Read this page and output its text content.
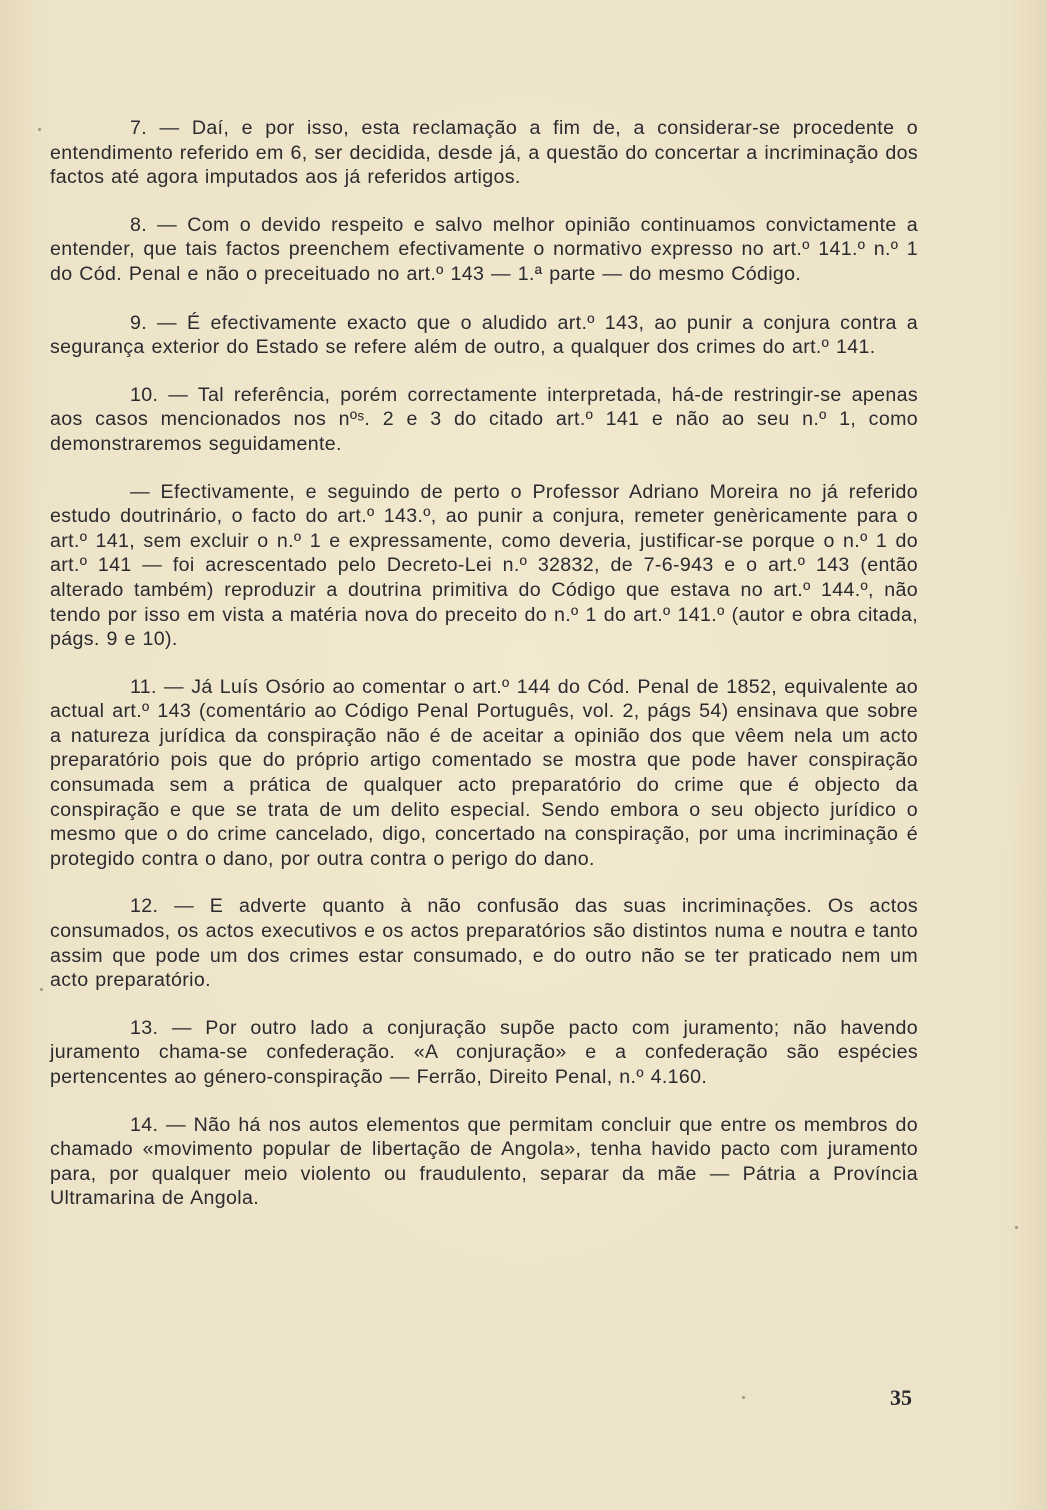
7. — Daí, e por isso, esta reclamação a fim de, a considerar-se procedente o entendimento referido em 6, ser decidida, desde já, a questão do concertar a incriminação dos factos até agora imputados aos já referidos artigos.

8. — Com o devido respeito e salvo melhor opinião continuamos convictamente a entender, que tais factos preenchem efectivamente o normativo expresso no art.º 141.º n.º 1 do Cód. Penal e não o preceituado no art.º 143 — 1.ª parte — do mesmo Código.

9. — É efectivamente exacto que o aludido art.º 143, ao punir a conjura contra a segurança exterior do Estado se refere além de outro, a qualquer dos crimes do art.º 141.

10. — Tal referência, porém correctamente interpretada, há-de restringir-se apenas aos casos mencionados nos nºˢ. 2 e 3 do citado art.º 141 e não ao seu n.º 1, como demonstraremos seguidamente.

— Efectivamente, e seguindo de perto o Professor Adriano Moreira no já referido estudo doutrinário, o facto do art.º 143.º, ao punir a conjura, remeter genèricamente para o art.º 141, sem excluir o n.º 1 e expressamente, como deveria, justificar-se porque o n.º 1 do art.º 141 — foi acrescentado pelo Decreto-Lei n.º 32832, de 7-6-943 e o art.º 143 (então alterado também) reproduzir a doutrina primitiva do Código que estava no art.º 144.º, não tendo por isso em vista a matéria nova do preceito do n.º 1 do art.º 141.º (autor e obra citada, págs. 9 e 10).

11. — Já Luís Osório ao comentar o art.º 144 do Cód. Penal de 1852, equivalente ao actual art.º 143 (comentário ao Código Penal Português, vol. 2, págs 54) ensinava que sobre a natureza jurídica da conspiração não é de aceitar a opinião dos que vêem nela um acto preparatório pois que do próprio artigo comentado se mostra que pode haver conspiração consumada sem a prática de qualquer acto preparatório do crime que é objecto da conspiração e que se trata de um delito especial. Sendo embora o seu objecto jurídico o mesmo que o do crime cancelado, digo, concertado na conspiração, por uma incriminação é protegido contra o dano, por outra contra o perigo do dano.

12. — E adverte quanto à não confusão das suas incriminações. Os actos consumados, os actos executivos e os actos preparatórios são distintos numa e noutra e tanto assim que pode um dos crimes estar consumado, e do outro não se ter praticado nem um acto preparatório.

13. — Por outro lado a conjuração supõe pacto com juramento; não havendo juramento chama-se confederação. «A conjuração» e a confederação são espécies pertencentes ao género-conspiração — Ferrão, Direito Penal, n.º 4.160.

14. — Não há nos autos elementos que permitam concluir que entre os membros do chamado «movimento popular de libertação de Angola», tenha havido pacto com juramento para, por qualquer meio violento ou fraudulento, separar da mãe — Pátria a Província Ultramarina de Angola.

35
